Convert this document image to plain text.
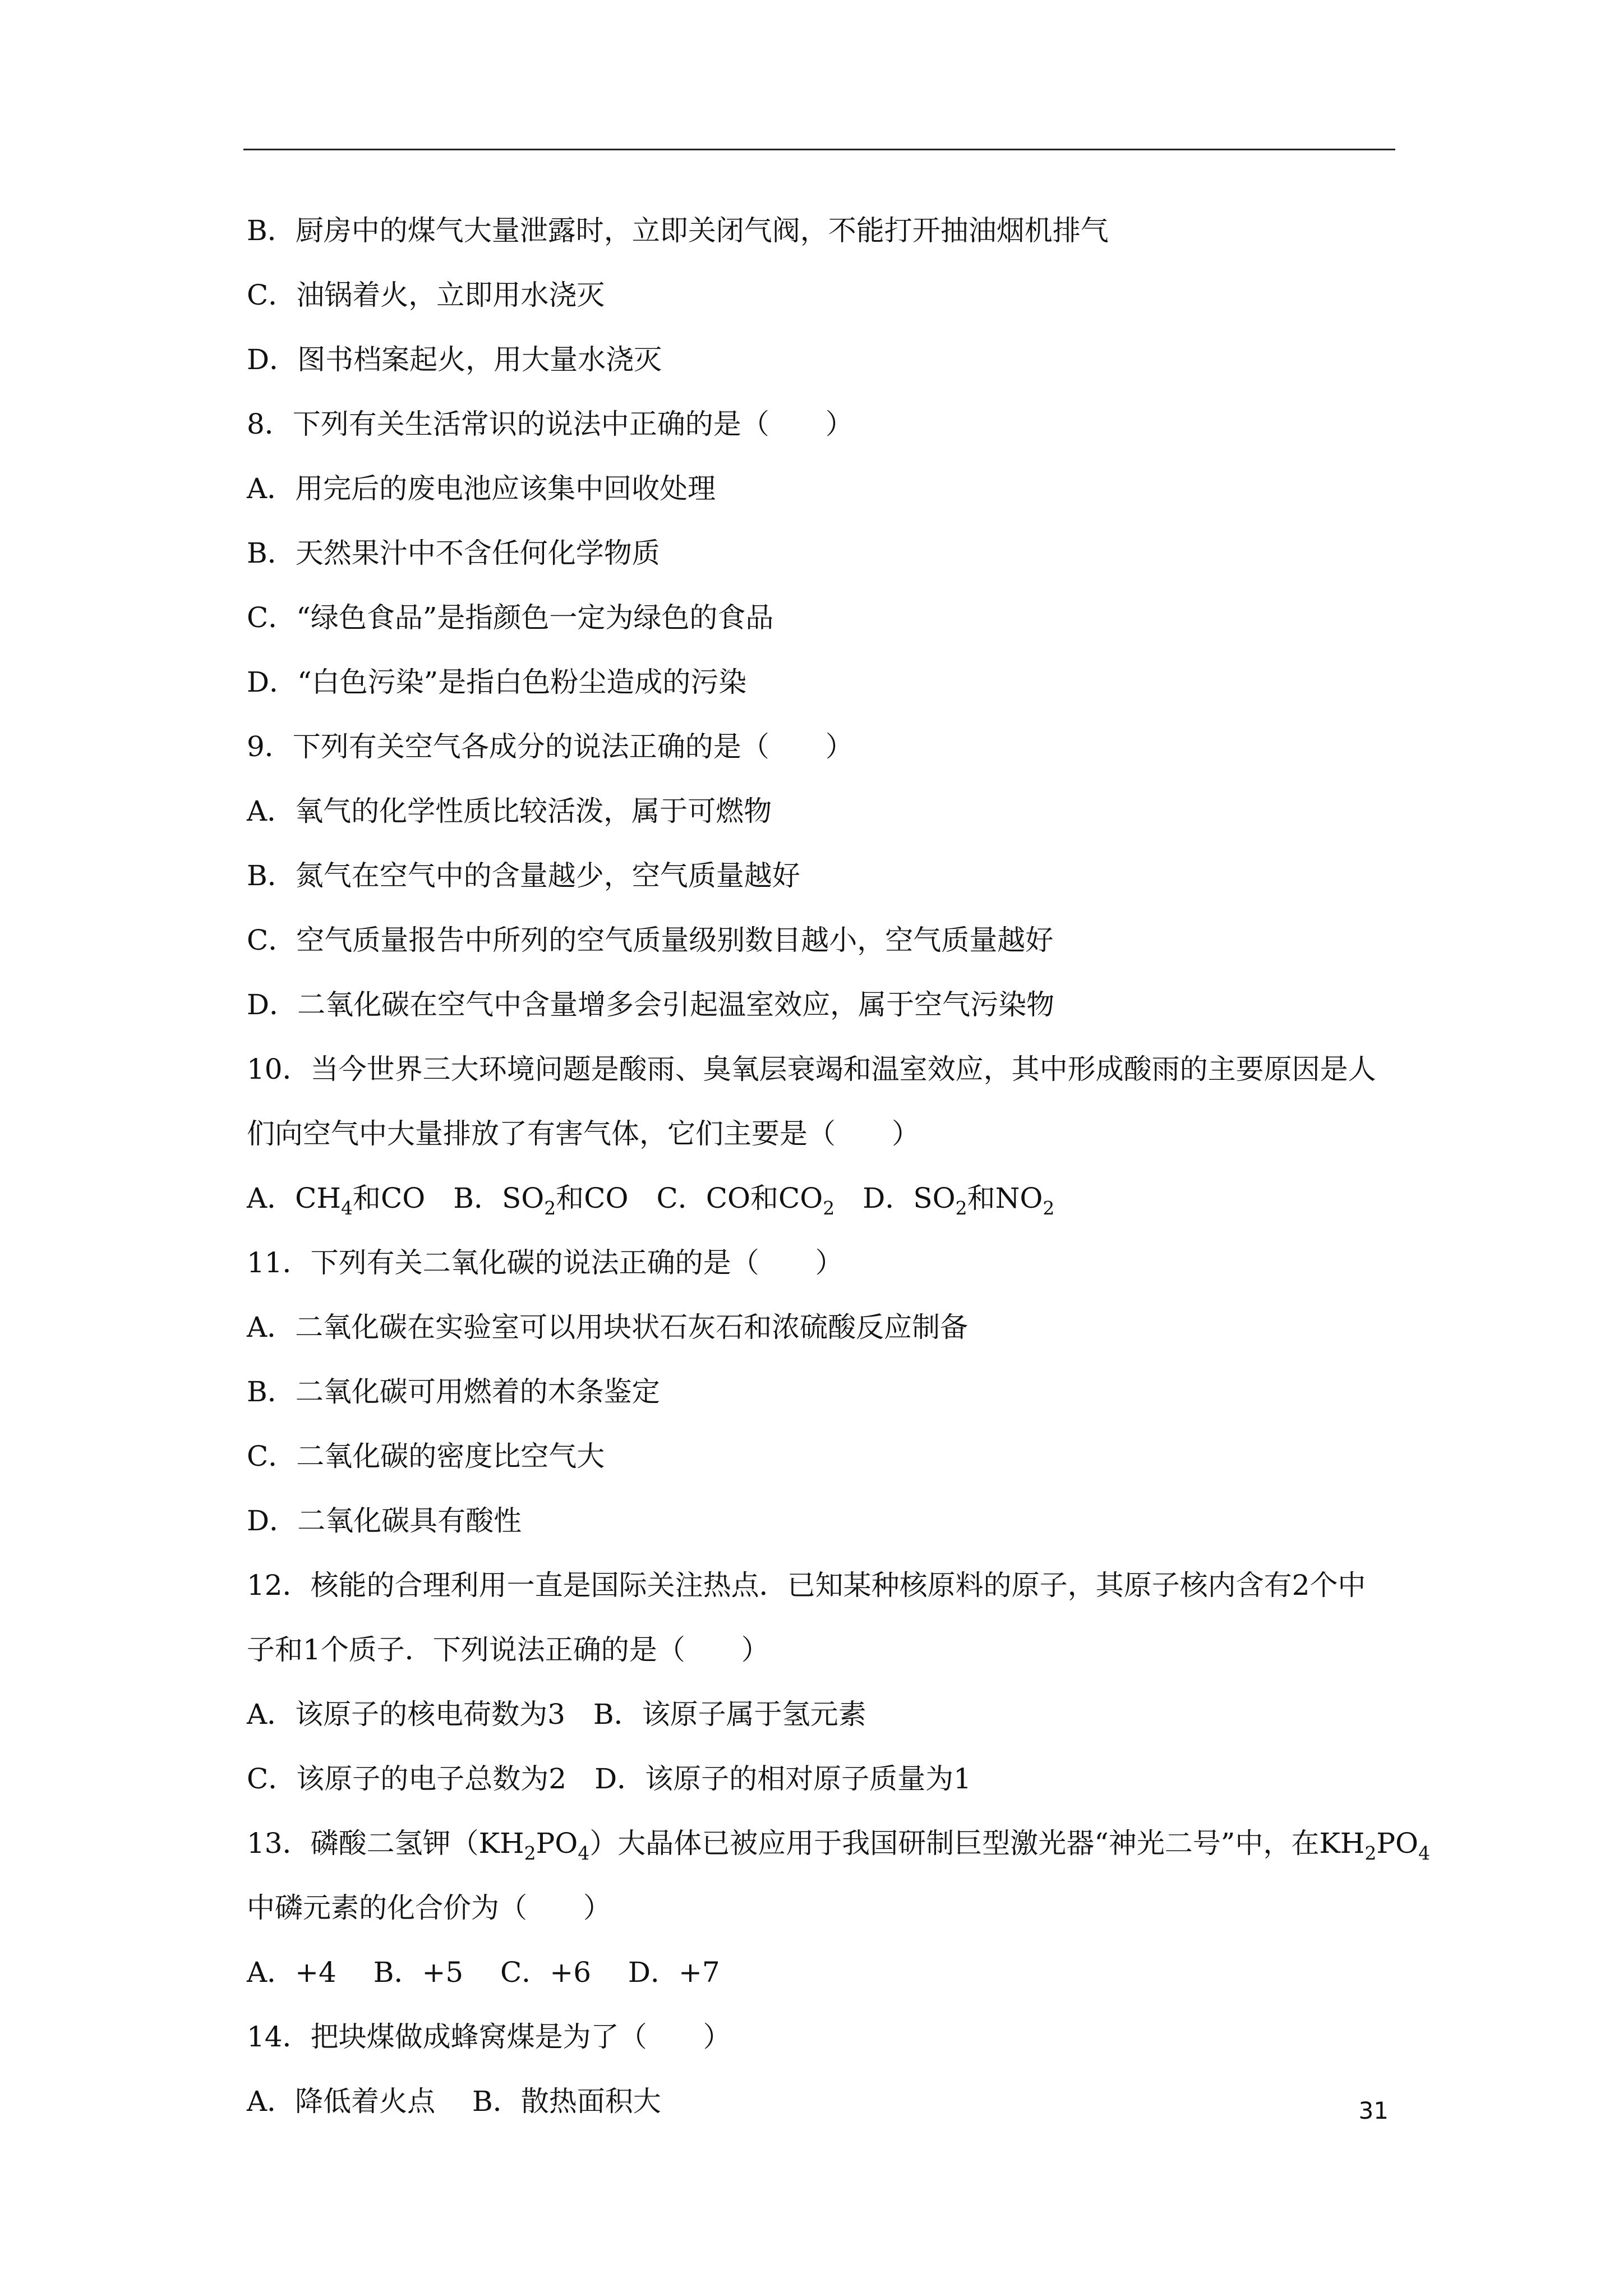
B．厨房中的煤气大量泄露时，立即关闭气阀，不能打开抽油烟机排气
C．油锅着火，立即用水浇灭
D．图书档案起火，用大量水浇灭
8．下列有关生活常识的说法中正确的是（　　）
A．用完后的废电池应该集中回收处理
B．天然果汁中不含任何化学物质
C．“绿色食品”是指颜色一定为绿色的食品
D．“白色污染”是指白色粉尘造成的污染
9．下列有关空气各成分的说法正确的是（　　）
A．氧气的化学性质比较活泼，属于可燃物
B．氮气在空气中的含量越少，空气质量越好
C．空气质量报告中所列的空气质量级别数目越小，空气质量越好
D．二氧化碳在空气中含量增多会引起温室效应，属于空气污染物
10．当今世界三大环境问题是酸雨、臭氧层衰竭和温室效应，其中形成酸雨的主要原因是人
们向空气中大量排放了有害气体，它们主要是（　　）
A．$CH_4$和CO　B．$SO_2$和CO　C．CO和$CO_2$　D．$SO_2$和$NO_2$
11．下列有关二氧化碳的说法正确的是（　　）
A．二氧化碳在实验室可以用块状石灰石和浓硫酸反应制备
B．二氧化碳可用燃着的木条鉴定
C．二氧化碳的密度比空气大
D．二氧化碳具有酸性
12．核能的合理利用一直是国际关注热点．已知某种核原料的原子，其原子核内含有2个中
子和1个质子．下列说法正确的是（　　）
A．该原子的核电荷数为3　B．该原子属于氢元素
C．该原子的电子总数为2　D．该原子的相对原子质量为1
13．磷酸二氢钾$(KH_2PO_4)$大晶体已被应用于我国研制巨型激光器“神光二号”中，在$KH_2PO_4$
中磷元素的化合价为（　　）
A．+4　 B．+5　 C．+6　 D．+7
14．把块煤做成蜂窝煤是为了（　　）
A．降低着火点　 B．散热面积大	31
